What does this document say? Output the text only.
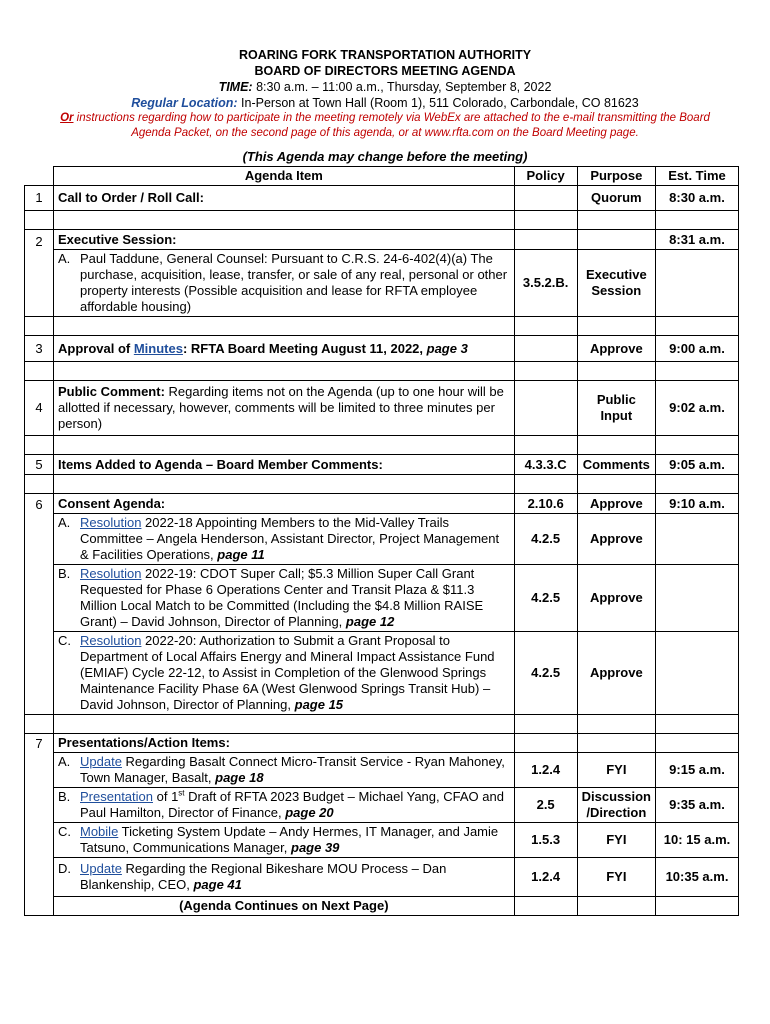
ROARING FORK TRANSPORTATION AUTHORITY
BOARD OF DIRECTORS MEETING AGENDA
TIME: 8:30 a.m. – 11:00 a.m., Thursday, September 8, 2022
Regular Location: In-Person at Town Hall (Room 1), 511 Colorado, Carbondale, CO 81623
Or instructions regarding how to participate in the meeting remotely via WebEx are attached to the e-mail transmitting the Board Agenda Packet, on the second page of this agenda, or at www.rfta.com on the Board Meeting page.
(This Agenda may change before the meeting)
	Agenda Item	Policy	Purpose	Est. Time
1	Call to Order / Roll Call:		Quorum	8:30 a.m.

2	Executive Session:			8:31 a.m.

	A. Paul Taddune, General Counsel: Pursuant to C.R.S. 24-6-402(4)(a) The purchase, acquisition, lease, transfer, or sale of any real, personal or other property interests (Possible acquisition and lease for RFTA employee affordable housing)	3.5.2.B.	Executive Session	

3	Approval of Minutes: RFTA Board Meeting August 11, 2022, page 3		Approve	9:00 a.m.

4	Public Comment: Regarding items not on the Agenda (up to one hour will be allotted if necessary, however, comments will be limited to three minutes per person)		Public Input	9:02 a.m.

5	Items Added to Agenda – Board Member Comments:	4.3.3.C	Comments	9:05 a.m.

6	Consent Agenda:	2.10.6	Approve	9:10 a.m.

	A. Resolution 2022-18 Appointing Members to the Mid-Valley Trails Committee – Angela Henderson, Assistant Director, Project Management & Facilities Operations, page 11	4.2.5	Approve	

	B. Resolution 2022-19: CDOT Super Call; $5.3 Million Super Call Grant Requested for Phase 6 Operations Center and Transit Plaza & $11.3 Million Local Match to be Committed (Including the $4.8 Million RAISE Grant) – David Johnson, Director of Planning, page 12	4.2.5	Approve	

	C. Resolution 2022-20: Authorization to Submit a Grant Proposal to Department of Local Affairs Energy and Mineral Impact Assistance Fund (EMIAF) Cycle 22-12, to Assist in Completion of the Glenwood Springs Maintenance Facility Phase 6A (West Glenwood Springs Transit Hub) – David Johnson, Director of Planning, page 15	4.2.5	Approve	

7	Presentations/Action Items:			

	A. Update Regarding Basalt Connect Micro-Transit Service - Ryan Mahoney, Town Manager, Basalt, page 18	1.2.4	FYI	9:15 a.m.

	B. Presentation of 1st Draft of RFTA 2023 Budget – Michael Yang, CFAO and Paul Hamilton, Director of Finance, page 20	2.5	Discussion /Direction	9:35 a.m.

	C. Mobile Ticketing System Update – Andy Hermes, IT Manager, and Jamie Tatsuno, Communications Manager, page 39	1.5.3	FYI	10: 15 a.m.

	D. Update Regarding the Regional Bikeshare MOU Process – Dan Blankenship, CEO, page 41	1.2.4	FYI	10:35 a.m.
	(Agenda Continues on Next Page)			
